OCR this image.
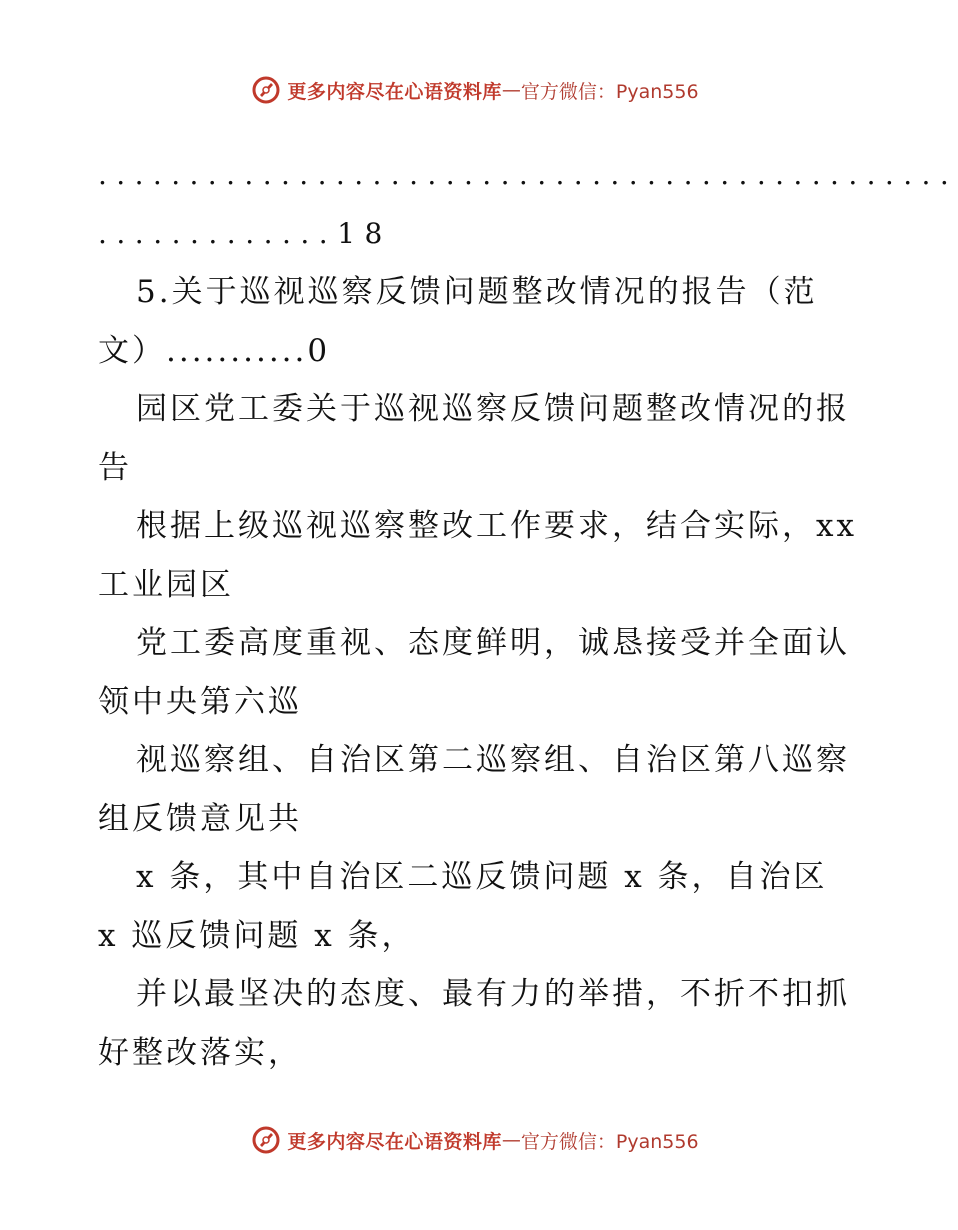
更多内容尽在心语资料库 — 官方微信：Pyan556
...............................................
.............18
5.关于巡视巡察反馈问题整改情况的报告（范
文）...........0
园区党工委关于巡视巡察反馈问题整改情况的报
告
根据上级巡视巡察整改工作要求，结合实际，xx
工业园区
党工委高度重视、态度鲜明，诚恳接受并全面认
领中央第六巡
视巡察组、自治区第二巡察组、自治区第八巡察
组反馈意见共
x 条，其中自治区二巡反馈问题 x 条，自治区
x 巡反馈问题 x 条，
并以最坚决的态度、最有力的举措，不折不扣抓
好整改落实，
更多内容尽在心语资料库 — 官方微信：Pyan556
